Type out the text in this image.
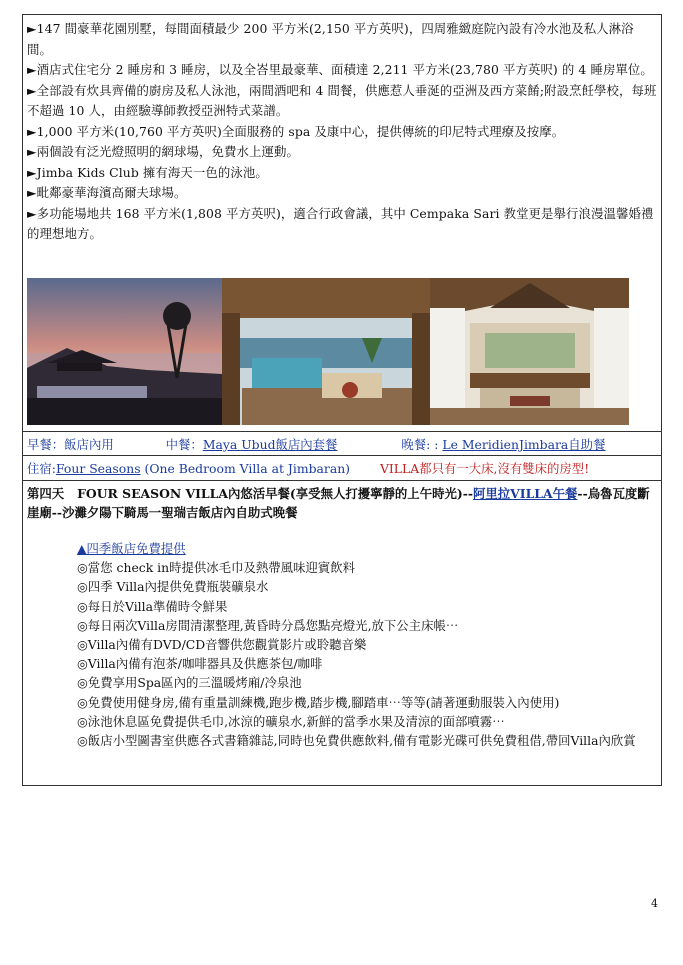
►147 間豪華花園別墅，每間面積最少 200 平方米(2,150 平方英呎)，四周雅緻庭院內設有冷水池及私人淋浴間。

►酒店式住宅分 2 睡房和 3 睡房，以及全峇里最豪華、面積達 2,211 平方米(23,780 平方英呎) 的 4 睡房單位。

►全部設有炊具齊備的廚房及私人泳池，兩間酒吧和 4 間餐，供應惹人垂涎的亞洲及西方菜餚;附設烹飪學校，每班不超過 10 人，由經驗導師教授亞洲特式菜譜。

►1,000 平方米(10,760 平方英呎)全面服務的 spa 及康中心，提供傳統的印尼特式理療及按摩。

►兩個設有泛光燈照明的網球場，免費水上運動。

►Jimba Kids Club 擁有海天一色的泳池。

►毗鄰豪華海濱高爾夫球場。

►多功能場地共 168 平方米(1,808 平方英呎)，適合行政會議，其中 Cempaka Sari 教堂更是舉行浪漫溫馨婚禮的理想地方。

早餐：飯店內用	中餐：Maya Ubud飯店內套餐	晚餐: : Le MeridienJimbara自助餐
住宿:Four Seasons (One Bedroom Villa at Jimbaran) VILLA都只有一大床,沒有雙床的房型!
第四天 FOUR SEASON VILLA內悠活早餐(享受無人打擾寧靜的上午時光)--阿里拉VILLA午餐--烏魯瓦度斷崖廟--沙灘夕陽下騎馬一聖瑞吉飯店內自助式晚餐
▲四季飯店免費提供
◎當您 check in時提供冰毛巾及熱帶風味迎賓飲料
◎四季 Villa內提供免費瓶裝礦泉水
◎每日於Villa準備時令鮮果
◎每日兩次Villa房間清潔整理,黃昏時分爲您點亮燈光,放下公主床帳⋯
◎Villa內備有DVD/CD音響供您觀賞影片或聆聽音樂
◎Villa內備有泡茶/咖啡器具及供應茶包/咖啡
◎免費享用Spa區內的三溫暖烤廂/冷泉池
◎免費使用健身房,備有重量訓練機,跑步機,踏步機,腳踏車⋯等等(請著運動服裝入內使用)
◎泳池休息區免費提供毛巾,冰涼的礦泉水,新鮮的當季水果及清涼的面部噴霧⋯
◎飯店小型圖書室供應各式書籍雜誌,同時也免費供應飲料,備有電影光碟可供免費租借,帶回Villa內欣賞
4
